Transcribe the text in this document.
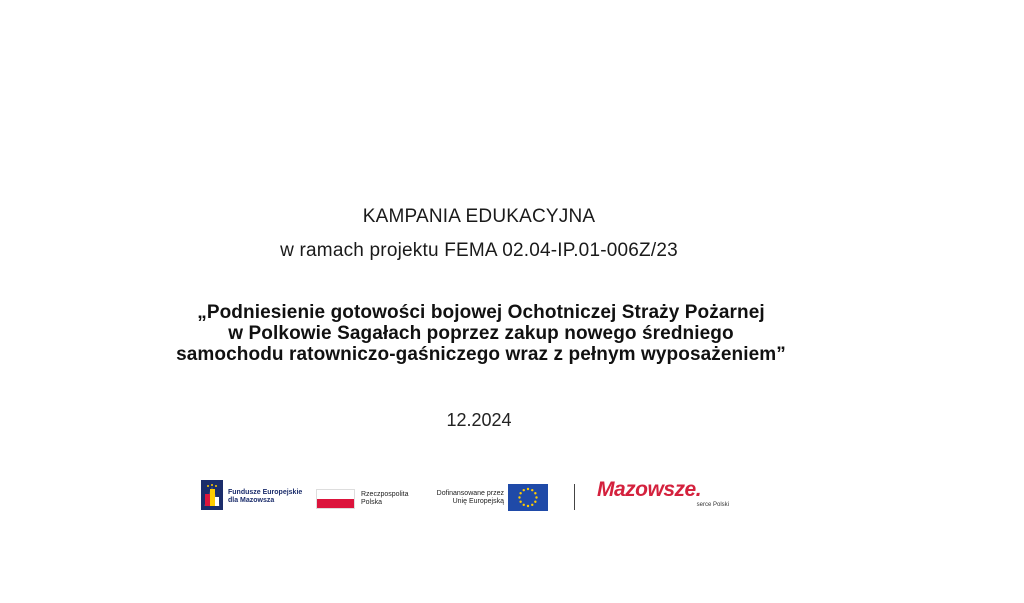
KAMPANIA EDUKACYJNA
w ramach projektu FEMA 02.04-IP.01-006Z/23
„Podniesienie gotowości bojowej Ochotniczej Straży Pożarnej
w Polkowie Sagałach poprzez zakup nowego średniego
samochodu ratowniczo-gaśniczego wraz z pełnym wyposażeniem”
12.2024
Fundusze Europejskie
dla Mazowsza
Rzeczpospolita
Polska
Dofinansowane przez
Unię Europejską
Mazowsze.
serce Polski
